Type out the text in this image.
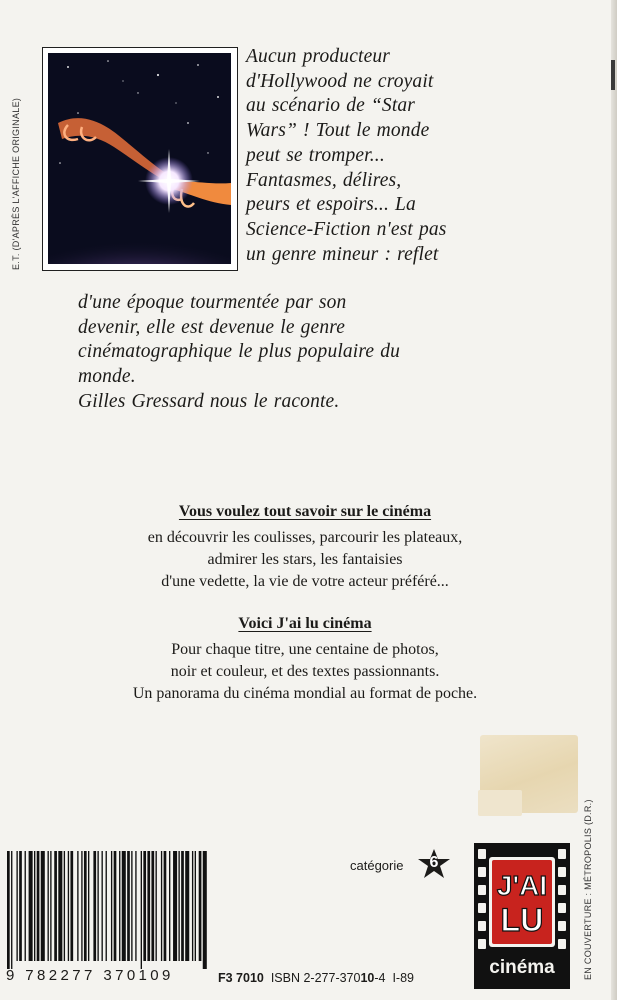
E.T. (D'APRÈS L'AFFICHE ORIGINALE)

Aucun producteur

d'Hollywood ne croyait

au scénario de “Star

Wars” ! Tout le monde

peut se tromper...

Fantasmes, délires,

peurs et espoirs... La

Science-Fiction n'est pas

un genre mineur : reflet

d'une époque tourmentée par son

devenir, elle est devenue le genre

cinématographique le plus populaire du

monde.

Gilles Gressard nous le raconte.

Vous voulez tout savoir sur le cinéma

en découvrir les coulisses, parcourir les plateaux,

admirer les stars, les fantaisies

d'une vedette, la vie de votre acteur préféré...

Voici J'ai lu cinéma

Pour chaque titre, une centaine de photos,

noir et couleur, et des textes passionnants.

Un panorama du cinéma mondial au format de poche.

9 782277 370109
catégorie 6
F3 7010 ISBN 2-277-37010-4 I-89
J'AI
LU
cinéma	EN COUVERTURE : MÉTROPOLIS (D.R.)
